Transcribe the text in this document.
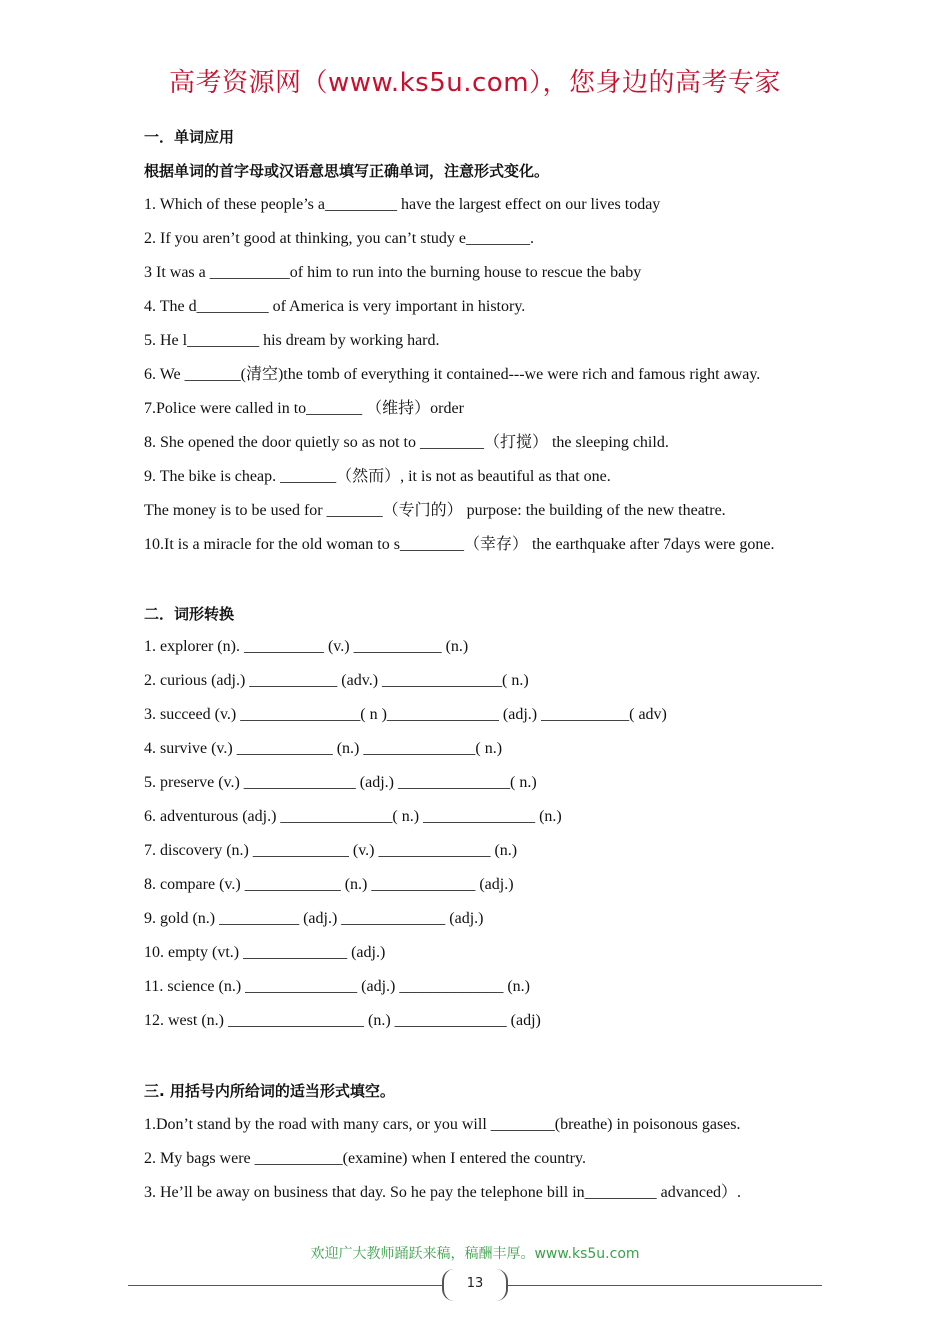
高考资源网（www.ks5u.com），您身边的高考专家
一．单词应用
根据单词的首字母或汉语意思填写正确单词，注意形式变化。
1. Which of these people’s a_________ have the largest effect on our lives today
2. If you aren’t good at thinking, you can’t study e________.
3 It was a __________of him to run into the burning house to rescue the baby
4. The d_________ of America is very important in history.
5. He l_________ his dream by working hard.
6. We _______(清空)the tomb of everything it contained---we were rich and famous right away.
7.Police were called in to_______ （维持）order
8. She opened the door quietly so as not to ________（打搅） the sleeping child.
9. The bike is cheap. _______（然而）, it is not as beautiful as that one.
The money is to be used for _______（专门的） purpose: the building of the new theatre.
10.It is a miracle for the old woman to s________（幸存） the earthquake after 7days were gone.
二．词形转换
1. explorer (n). __________ (v.) ___________ (n.)
2. curious (adj.) ___________ (adv.) _______________( n.)
3. succeed (v.) _______________( n )______________ (adj.) ___________( adv)
4. survive (v.) ____________ (n.) ______________( n.)
5. preserve (v.) ______________ (adj.) ______________( n.)
6. adventurous (adj.) ______________( n.) ______________ (n.)
7. discovery (n.) ____________ (v.) ______________ (n.)
8. compare (v.) ____________ (n.) _____________ (adj.)
9. gold (n.) __________ (adj.) _____________ (adj.)
10. empty (vt.) _____________ (adj.)
11. science (n.) ______________ (adj.) _____________ (n.)
12. west (n.) _________________ (n.) ______________ (adj)
三. 用括号内所给词的适当形式填空。
1.Don’t stand by the road with many cars, or you will ________(breathe) in poisonous gases.
2. My bags were ___________(examine) when I entered the country.
3. He’ll be away on business that day. So he pay the telephone bill in_________ advanced）.
欢迎广大教师踊跃来稿，稿酬丰厚。www.ks5u.com
13
